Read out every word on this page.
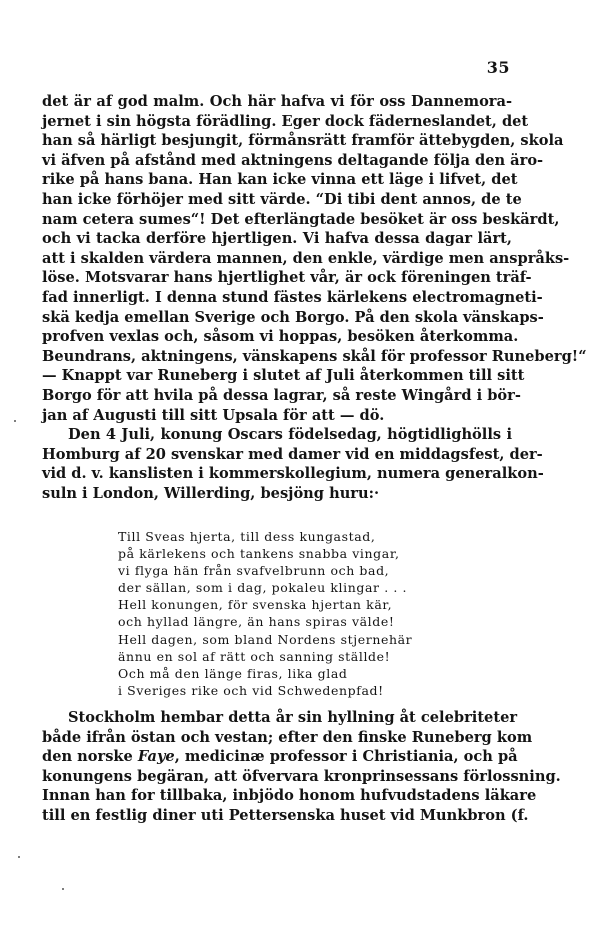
35
det är af god malm. Och här hafva vi för oss Dannemora-
jernet i sin högsta förädling. Eger dock fäderneslandet, det
han så härligt besjungit, förmånsrätt framför ättebygden, skola
vi äfven på afstånd med aktningens deltagande följa den äro-
rike på hans bana. Han kan icke vinna ett läge i lifvet, det
han icke förhöjer med sitt värde. “Di tibi dent annos, de te
nam cetera sumes“! Det efterlängtade besöket är oss beskärdt,
och vi tacka derföre hjertligen. Vi hafva dessa dagar lärt,
att i skalden värdera mannen, den enkle, värdige men anspråks-
löse. Motsvarar hans hjertlighet vår, är ock föreningen träf-
fad innerligt. I denna stund fästes kärlekens electromagneti-
skä kedja emellan Sverige och Borgo. På den skola vänskaps-
profven vexlas och, såsom vi hoppas, besöken återkomma.
Beundrans, aktningens, vänskapens skål för professor Runeberg!“
— Knappt var Runeberg i slutet af Juli återkommen till sitt
Borgo för att hvila på dessa lagrar, så reste Wingård i bör-
jan af Augusti till sitt Upsala för att — dö.
Den 4 Juli, konung Oscars födelsedag, högtidlighölls i
Homburg af 20 svenskar med damer vid en middagsfest, der-
vid d. v. kanslisten i kommerskollegium, numera generalkon-
suln i London, Willerding, besjöng huru:·
Till Sveas hjerta, till dess kungastad,
på kärlekens och tankens snabba vingar,
vi flyga hän från svafvelbrunn och bad,
der sällan, som i dag, pokaleu klingar . . .
Hell konungen, för svenska hjertan kär,
och hyllad längre, än hans spiras välde!
Hell dagen, som bland Nordens stjernehär
ännu en sol af rätt och sanning ställde!
Och må den länge firas, lika glad
i Sveriges rike och vid Schwedenpfad!
Stockholm hembar detta år sin hyllning åt celebriteter
både ifrån östan och vestan; efter den finske Runeberg kom
den norske Faye, medicinæ professor i Christiania, och på
konungens begäran, att öfvervara kronprinsessans förlossning.
Innan han for tillbaka, inbjödo honom hufvudstadens läkare
till en festlig diner uti Pettersenska huset vid Munkbron (f.
